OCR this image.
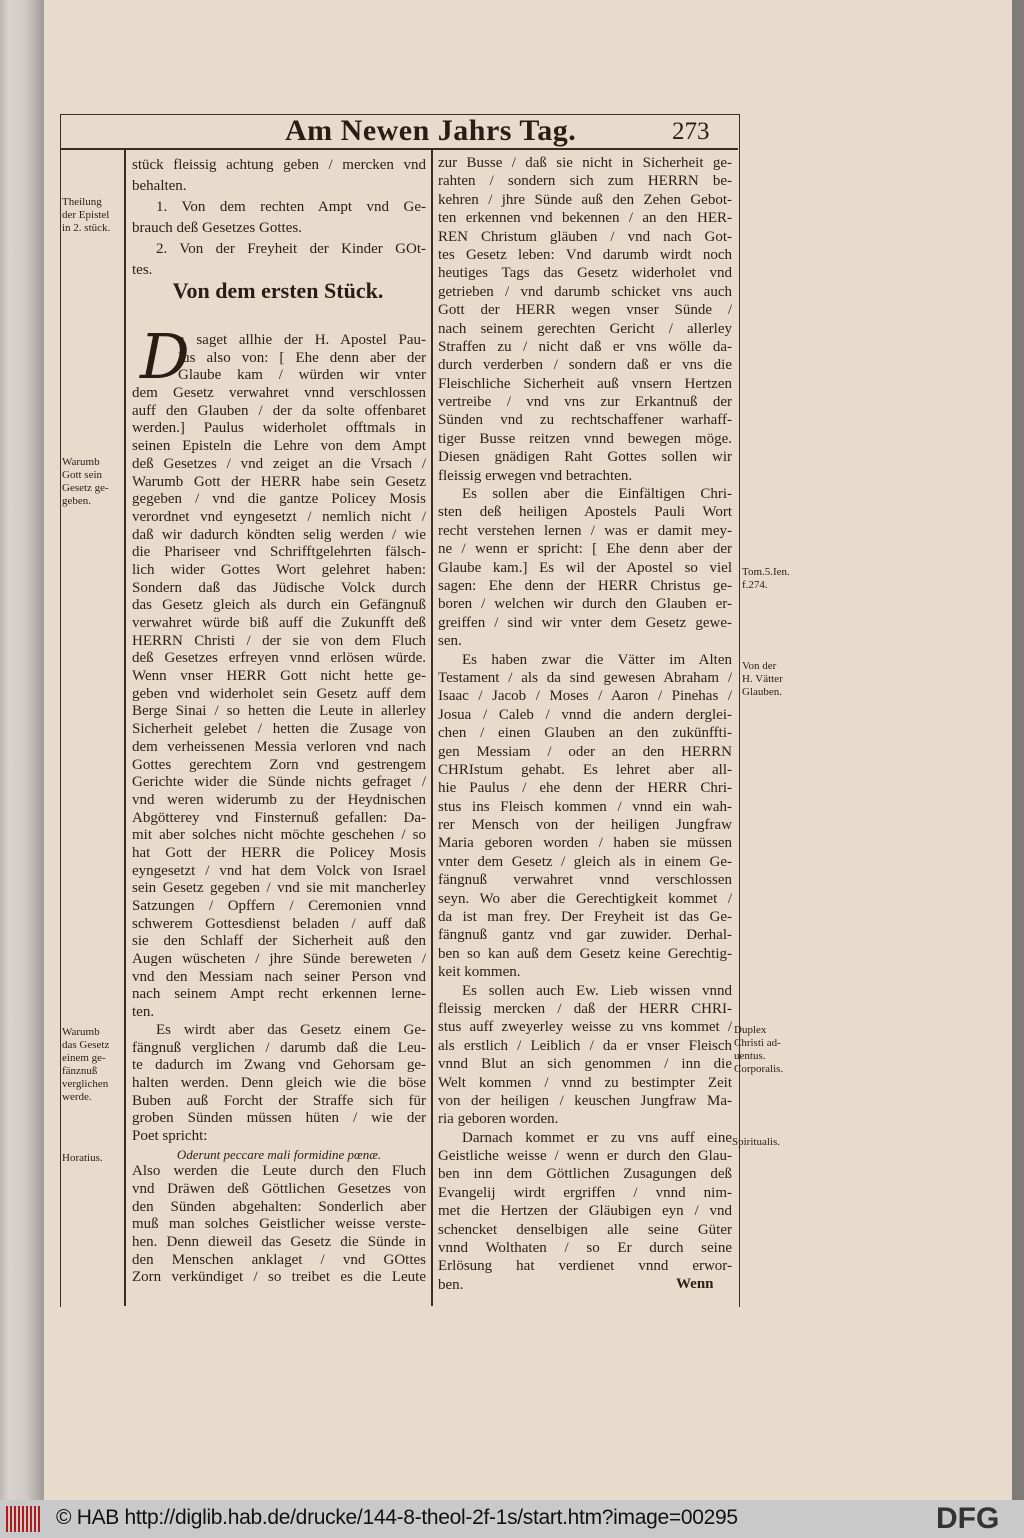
Am Newen Jahrs Tag.	273
stück fleissig achtung geben / mercken vnd
behalten.
1. Von dem rechten Ampt vnd Ge-
brauch deß Gesetzes Gottes.
2. Von der Freyheit der Kinder GOt-
tes.
Von dem ersten Stück.
D
a saget allhie der H. Apostel Pau-
lus also von: [ Ehe denn aber der
Glaube kam / würden wir vnter
dem Gesetz verwahret vnnd verschlossen
auff den Glauben / der da solte offenbaret
werden.] Paulus widerholet offtmals in
seinen Episteln die Lehre von dem Ampt
deß Gesetzes / vnd zeiget an die Vrsach /
Warumb Gott der HERR habe sein Gesetz
gegeben / vnd die gantze Policey Mosis
verordnet vnd eyngesetzt / nemlich nicht /
daß wir dadurch köndten selig werden / wie
die Phariseer vnd Schrifftgelehrten fälsch-
lich wider Gottes Wort gelehret haben:
Sondern daß das Jüdische Volck durch
das Gesetz gleich als durch ein Gefängnuß
verwahret würde biß auff die Zukunfft deß
HERRN Christi / der sie von dem Fluch
deß Gesetzes erfreyen vnnd erlösen würde.
Wenn vnser HERR Gott nicht hette ge-
geben vnd widerholet sein Gesetz auff dem
Berge Sinai / so hetten die Leute in allerley
Sicherheit gelebet / hetten die Zusage von
dem verheissenen Messia verloren vnd nach
Gottes gerechtem Zorn vnd gestrengem
Gerichte wider die Sünde nichts gefraget /
vnd weren widerumb zu der Heydnischen
Abgötterey vnd Finsternuß gefallen: Da-
mit aber solches nicht möchte geschehen / so
hat Gott der HERR die Policey Mosis
eyngesetzt / vnd hat dem Volck von Israel
sein Gesetz gegeben / vnd sie mit mancherley
Satzungen / Opffern / Ceremonien vnnd
schwerem Gottesdienst beladen / auff daß
sie den Schlaff der Sicherheit auß den
Augen wüscheten / jhre Sünde bereweten /
vnd den Messiam nach seiner Person vnd
nach seinem Ampt recht erkennen lerne-
ten.
Es wirdt aber das Gesetz einem Ge-
fängnuß verglichen / darumb daß die Leu-
te dadurch im Zwang vnd Gehorsam ge-
halten werden. Denn gleich wie die böse
Buben auß Forcht der Straffe sich für
groben Sünden müssen hüten / wie der
Poet spricht:
Oderunt peccare mali formidine pœnæ.
Also werden die Leute durch den Fluch
vnd Dräwen deß Göttlichen Gesetzes von
den Sünden abgehalten: Sonderlich aber
muß man solches Geistlicher weisse verste-
hen. Denn dieweil das Gesetz die Sünde in
den Menschen anklaget / vnd GOttes
Zorn verkündiget / so treibet es die Leute
zur Busse / daß sie nicht in Sicherheit ge-
rahten / sondern sich zum HERRN be-
kehren / jhre Sünde auß den Zehen Gebot-
ten erkennen vnd bekennen / an den HER-
REN Christum gläuben / vnd nach Got-
tes Gesetz leben: Vnd darumb wirdt noch
heutiges Tags das Gesetz widerholet vnd
getrieben / vnd darumb schicket vns auch
Gott der HERR wegen vnser Sünde /
nach seinem gerechten Gericht / allerley
Straffen zu / nicht daß er vns wölle da-
durch verderben / sondern daß er vns die
Fleischliche Sicherheit auß vnsern Hertzen
vertreibe / vnd vns zur Erkantnuß der
Sünden vnd zu rechtschaffener warhaff-
tiger Busse reitzen vnnd bewegen möge.
Diesen gnädigen Raht Gottes sollen wir
fleissig erwegen vnd betrachten.
Es sollen aber die Einfältigen Chri-
sten deß heiligen Apostels Pauli Wort
recht verstehen lernen / was er damit mey-
ne / wenn er spricht: [ Ehe denn aber der
Glaube kam.] Es wil der Apostel so viel
sagen: Ehe denn der HERR Christus ge-
boren / welchen wir durch den Glauben er-
greiffen / sind wir vnter dem Gesetz gewe-
sen.
Es haben zwar die Vätter im Alten
Testament / als da sind gewesen Abraham /
Isaac / Jacob / Moses / Aaron / Pinehas /
Josua / Caleb / vnnd die andern derglei-
chen / einen Glauben an den zukünffti-
gen Messiam / oder an den HERRN
CHRIstum gehabt. Es lehret aber all-
hie Paulus / ehe denn der HERR Chri-
stus ins Fleisch kommen / vnnd ein wah-
rer Mensch von der heiligen Jungfraw
Maria geboren worden / haben sie müssen
vnter dem Gesetz / gleich als in einem Ge-
fängnuß verwahret vnnd verschlossen
seyn. Wo aber die Gerechtigkeit kommet /
da ist man frey. Der Freyheit ist das Ge-
fängnuß gantz vnd gar zuwider. Derhal-
ben so kan auß dem Gesetz keine Gerechtig-
keit kommen.
Es sollen auch Ew. Lieb wissen vnnd
fleissig mercken / daß der HERR CHRI-
stus auff zweyerley weisse zu vns kommet /
als erstlich / Leiblich / da er vnser Fleisch
vnnd Blut an sich genommen / inn die
Welt kommen / vnnd zu bestimpter Zeit
von der heiligen / keuschen Jungfraw Ma-
ria geboren worden.
Darnach kommet er zu vns auff eine
Geistliche weisse / wenn er durch den Glau-
ben inn dem Göttlichen Zusagungen deß
Evangelij wirdt ergriffen / vnnd nim-
met die Hertzen der Gläubigen eyn / vnd
schencket denselbigen alle seine Güter
vnnd Wolthaten / so Er durch seine
Erlösung hat verdienet vnnd erwor-
ben.	Wenn
Theilung
der Epistel
in 2. stück.
Warumb
Gott sein
Gesetz ge-
geben.
Warumb
das Gesetz
einem ge-
fänznuß
verglichen
werde.
Horatius.
Tom.5.Ien.
f.274.
Von der
H. Vätter
Glauben.
Duplex
Christi ad-
uentus.
Corporalis.
Spiritualis.
© HAB http://diglib.hab.de/drucke/144-8-theol-2f-1s/start.htm?image=00295	DFG
